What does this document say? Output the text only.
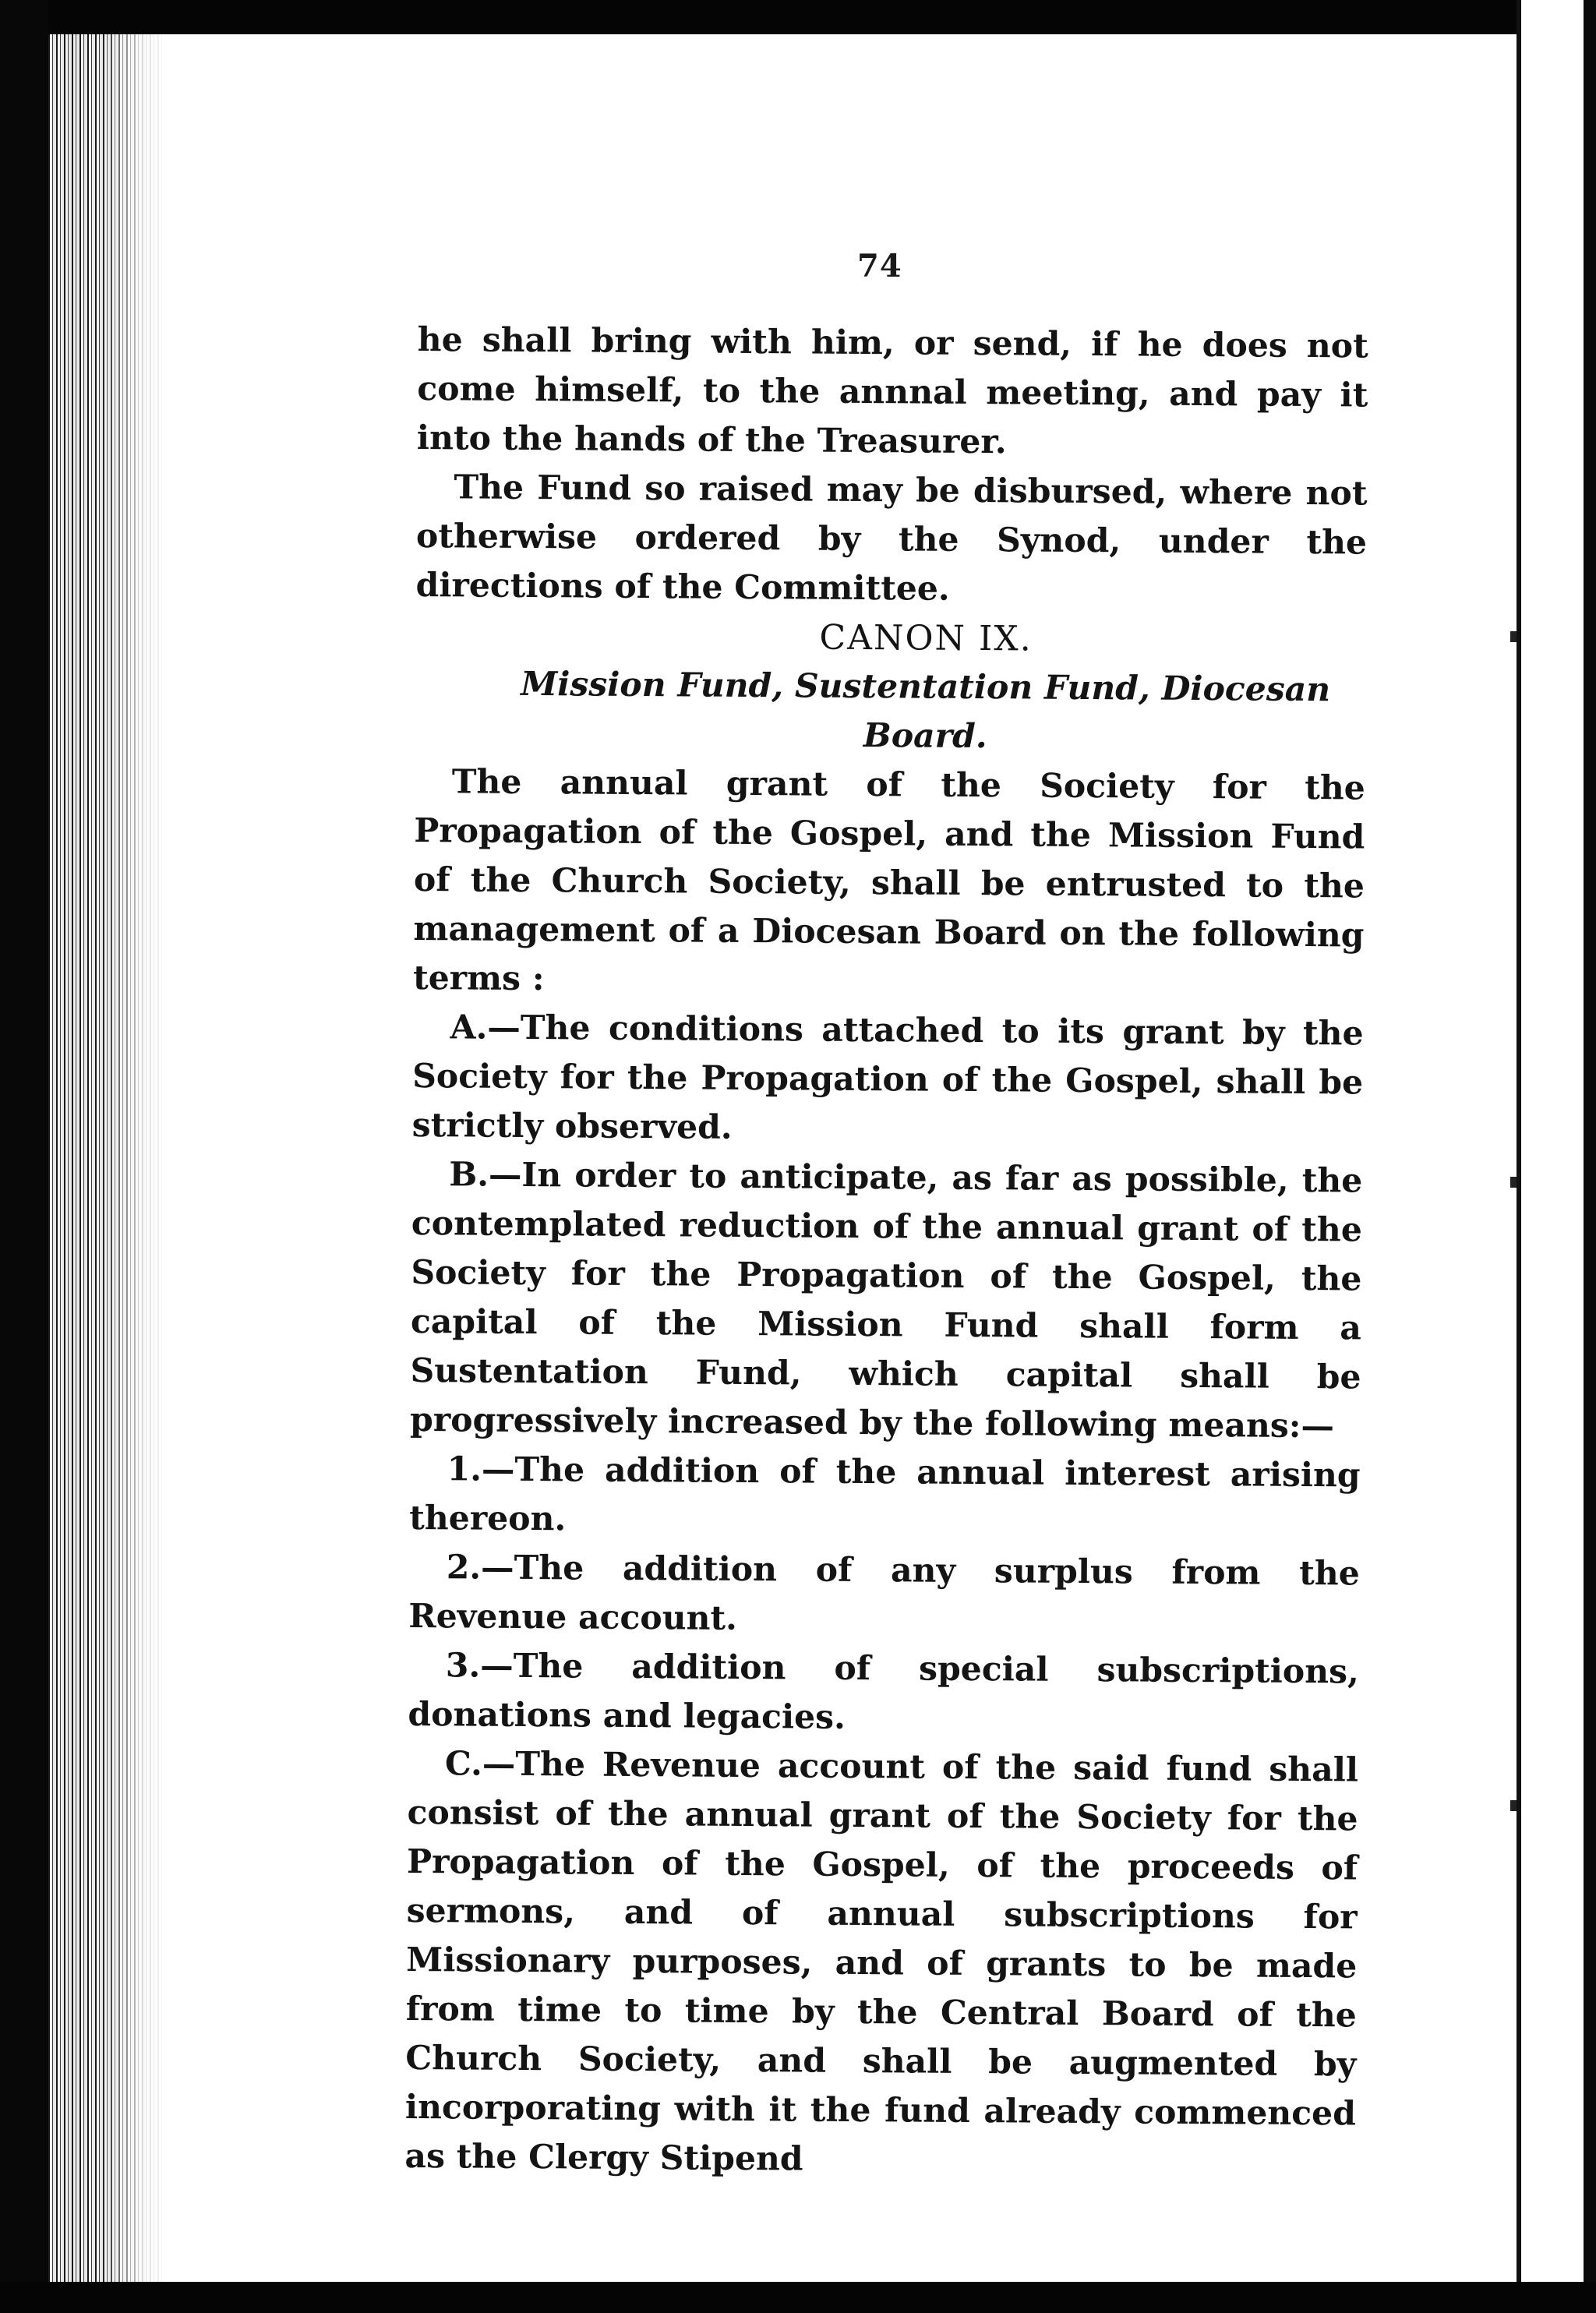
74

he shall bring with him, or send, if he does not come himself, to the annnal meeting, and pay it into the hands of the Treasurer.

The Fund so raised may be disbursed, where not otherwise ordered by the Synod, under the directions of the Committee.

CANON IX.

Mission Fund, Sustentation Fund, Diocesan Board.

The annual grant of the Society for the Propagation of the Gospel, and the Mission Fund of the Church Society, shall be entrusted to the management of a Diocesan Board on the following terms :

A.—The conditions attached to its grant by the Society for the Propagation of the Gospel, shall be strictly observed.

B.—In order to anticipate, as far as possible, the contemplated reduction of the annual grant of the Society for the Propagation of the Gospel, the capital of the Mission Fund shall form a Sustentation Fund, which capital shall be progressively increased by the following means:—

1.—The addition of the annual interest arising thereon.

2.—The addition of any surplus from the Revenue account.

3.—The addition of special subscriptions, donations and legacies.

C.—The Revenue account of the said fund shall consist of the annual grant of the Society for the Propagation of the Gospel, of the proceeds of sermons, and of annual subscriptions for Missionary purposes, and of grants to be made from time to time by the Central Board of the Church Society, and shall be augmented by incorporating with it the fund already commenced as the Clergy Stipend
